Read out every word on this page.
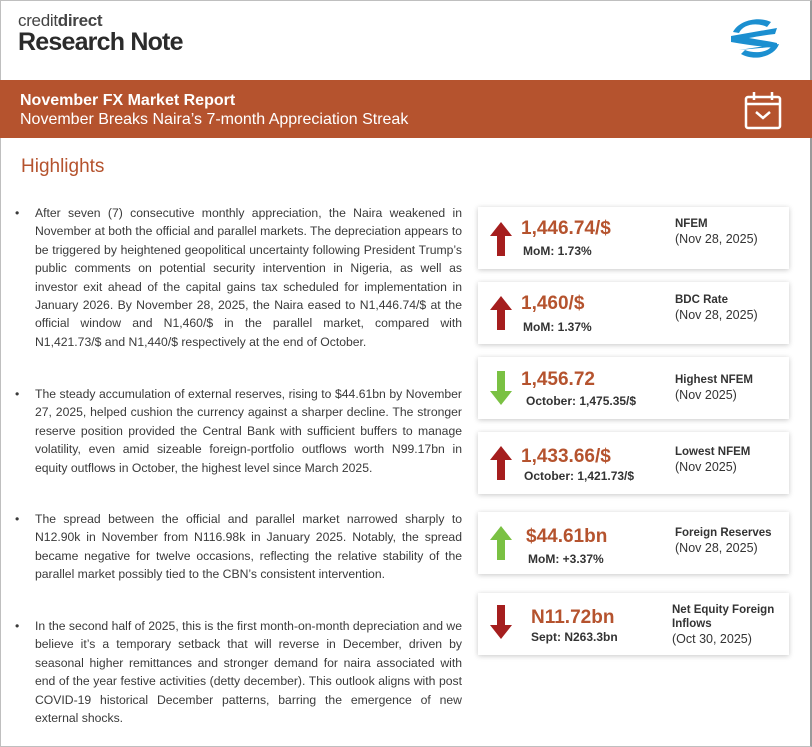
creditdirect
Research Note
November FX Market Report
November Breaks Naira’s 7-month Appreciation Streak
Highlights
•	After seven (7) consecutive monthly appreciation, the Naira weakened in November at both the official and parallel markets. The depreciation appears to be triggered by heightened geopolitical uncertainty following President Trump’s public comments on potential security intervention in Nigeria, as well as investor exit ahead of the capital gains tax scheduled for implementation in January 2026. By November 28, 2025, the Naira eased to N1,446.74/$ at the official window and N1,460/$ in the parallel market, compared with N1,421.73/$ and N1,440/$ respectively at the end of October.
•	The steady accumulation of external reserves, rising to $44.61bn by November 27, 2025, helped cushion the currency against a sharper decline. The stronger reserve position provided the Central Bank with sufficient buffers to manage volatility, even amid sizeable foreign-portfolio outflows worth N99.17bn in equity outflows in October, the highest level since March 2025.
•	The spread between the official and parallel market narrowed sharply to N12.90k in November from N116.98k in January 2025. Notably, the spread became negative for twelve occasions, reflecting the relative stability of the parallel market possibly tied to the CBN’s consistent intervention.
•	In the second half of 2025, this is the first month-on-month depreciation and we believe it’s a temporary setback that will reverse in December, driven by seasonal higher remittances and stronger demand for naira associated with end of the year festive activities (detty december). This outlook aligns with post COVID-19 historical December patterns, barring the emergence of new external shocks.
1,446.74/$
MoM: 1.73%
NFEM
(Nov 28, 2025)
1,460/$
MoM: 1.37%
BDC Rate
(Nov 28, 2025)
1,456.72
October: 1,475.35/$
Highest NFEM
(Nov 2025)
1,433.66/$
October: 1,421.73/$
Lowest NFEM
(Nov 2025)
$44.61bn
MoM: +3.37%
Foreign Reserves
(Nov 28, 2025)
N11.72bn
Sept: N263.3bn
Net Equity Foreign
Inflows
(Oct 30, 2025)
